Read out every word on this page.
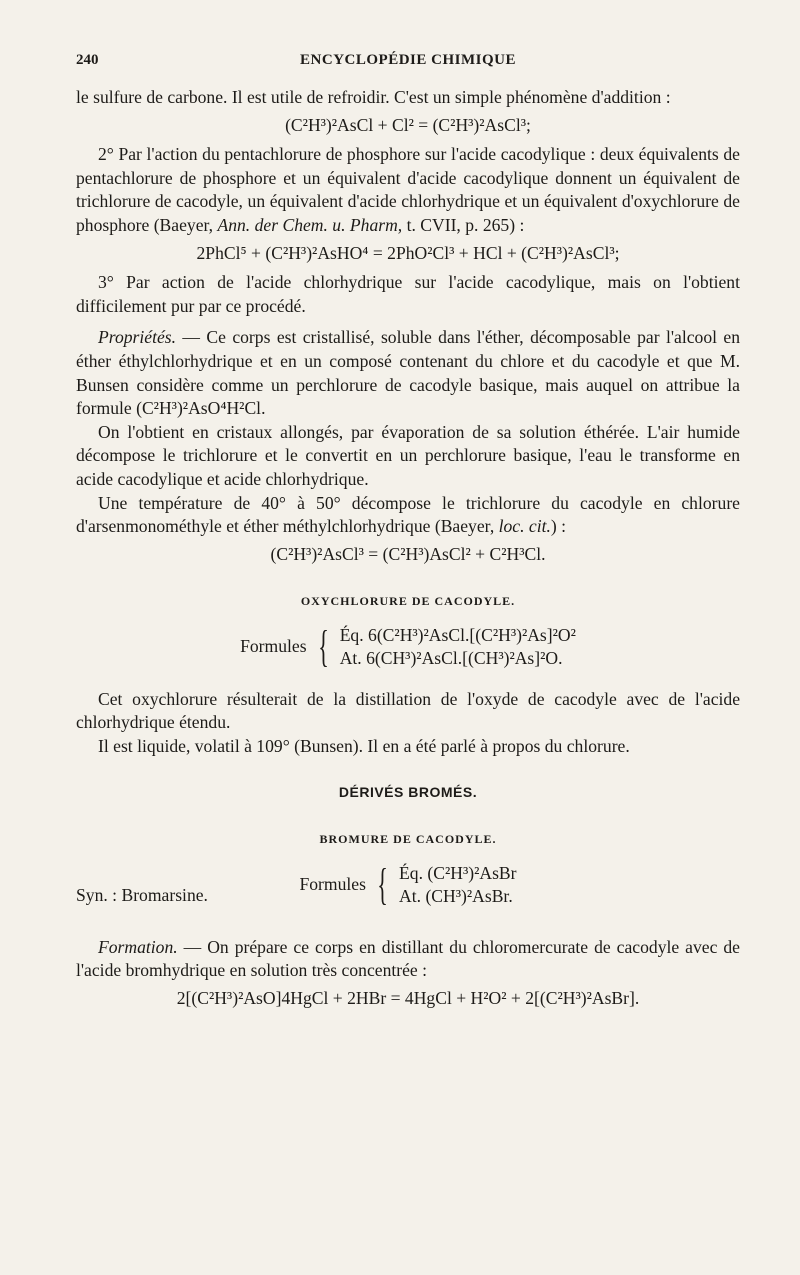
240	ENCYCLOPÉDIE CHIMIQUE

le sulfure de carbone. Il est utile de refroidir. C'est un simple phénomène d'addition :

(C²H³)²AsCl + Cl² = (C²H³)²AsCl³;

2° Par l'action du pentachlorure de phosphore sur l'acide cacodylique : deux équivalents de pentachlorure de phosphore et un équivalent d'acide cacodylique donnent un équivalent de trichlorure de cacodyle, un équivalent d'acide chlorhydrique et un équivalent d'oxychlorure de phosphore (Baeyer, Ann. der Chem. u. Pharm, t. CVII, p. 265) :

2PhCl⁵ + (C²H³)²AsHO⁴ = 2PhO²Cl³ + HCl + (C²H³)²AsCl³;

3° Par action de l'acide chlorhydrique sur l'acide cacodylique, mais on l'obtient difficilement pur par ce procédé.

Propriétés. — Ce corps est cristallisé, soluble dans l'éther, décomposable par l'alcool en éther éthylchlorhydrique et en un composé contenant du chlore et du cacodyle et que M. Bunsen considère comme un perchlorure de cacodyle basique, mais auquel on attribue la formule (C²H³)²AsO⁴H²Cl.

On l'obtient en cristaux allongés, par évaporation de sa solution éthérée. L'air humide décompose le trichlorure et le convertit en un perchlorure basique, l'eau le transforme en acide cacodylique et acide chlorhydrique.

Une température de 40° à 50° décompose le trichlorure du cacodyle en chlorure d'arsenmonométhyle et éther méthylchlorhydrique (Baeyer, loc. cit.) :

(C²H³)²AsCl³ = (C²H³)AsCl² + C²H³Cl.

OXYCHLORURE DE CACODYLE.
Formules { Éq. 6(C²H³)²AsCl.[(C²H³)²As]²O²
At. 6(CH³)²AsCl.[(CH³)²As]²O.

Cet oxychlorure résulterait de la distillation de l'oxyde de cacodyle avec de l'acide chlorhydrique étendu.

Il est liquide, volatil à 109° (Bunsen). Il en a été parlé à propos du chlorure.

DÉRIVÉS BROMÉS.
BROMURE DE CACODYLE.
Formules { Éq. (C²H³)²AsBr
At. (CH³)²AsBr.
Syn. : Bromarsine.

Formation. — On prépare ce corps en distillant du chloromercurate de cacodyle avec de l'acide bromhydrique en solution très concentrée :

2[(C²H³)²AsO]4HgCl + 2HBr = 4HgCl + H²O² + 2[(C²H³)²AsBr].
